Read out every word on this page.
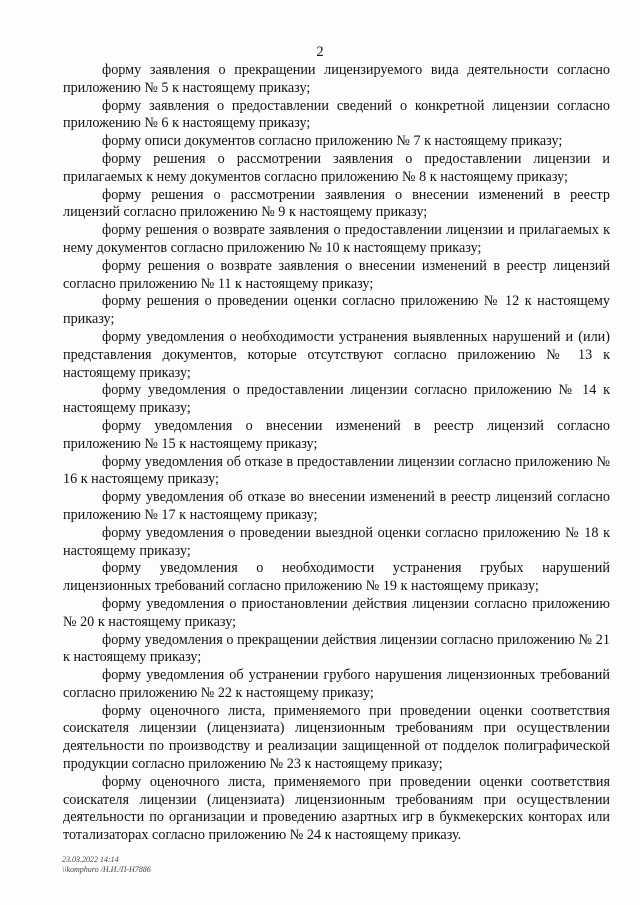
2

форму заявления о прекращении лицензируемого вида деятельности согласно приложению № 5 к настоящему приказу;

форму заявления о предоставлении сведений о конкретной лицензии согласно приложению № 6 к настоящему приказу;

форму описи документов согласно приложению № 7 к настоящему приказу;

форму решения о рассмотрении заявления о предоставлении лицензии и прилагаемых к нему документов согласно приложению № 8 к настоящему приказу;

форму решения о рассмотрении заявления о внесении изменений в реестр лицензий согласно приложению № 9 к настоящему приказу;

форму решения о возврате заявления о предоставлении лицензии и прилагаемых к нему документов согласно приложению № 10 к настоящему приказу;

форму решения о возврате заявления о внесении изменений в реестр лицензий согласно приложению № 11 к настоящему приказу;

форму решения о проведении оценки согласно приложению № 12 к настоящему приказу;

форму уведомления о необходимости устранения выявленных нарушений и (или) представления документов, которые отсутствуют согласно приложению № 13 к настоящему приказу;

форму уведомления о предоставлении лицензии согласно приложению № 14 к настоящему приказу;

форму уведомления о внесении изменений в реестр лицензий согласно приложению № 15 к настоящему приказу;

форму уведомления об отказе в предоставлении лицензии согласно приложению № 16 к настоящему приказу;

форму уведомления об отказе во внесении изменений в реестр лицензий согласно приложению № 17 к настоящему приказу;

форму уведомления о проведении выездной оценки согласно приложению № 18 к настоящему приказу;

форму уведомления о необходимости устранения грубых нарушений лицензионных требований согласно приложению № 19 к настоящему приказу;

форму уведомления о приостановлении действия лицензии согласно приложению № 20 к настоящему приказу;

форму уведомления о прекращении действия лицензии согласно приложению № 21 к настоящему приказу;

форму уведомления об устранении грубого нарушения лицензионных требований согласно приложению № 22 к настоящему приказу;

форму оценочного листа, применяемого при проведении оценки соответствия соискателя лицензии (лицензиата) лицензионным требованиям при осуществлении деятельности по производству и реализации защищенной от подделок полиграфической продукции согласно приложению № 23 к настоящему приказу;

форму оценочного листа, применяемого при проведении оценки соответствия соискателя лицензии (лицензиата) лицензионным требованиям при осуществлении деятельности по организации и проведению азартных игр в букмекерских конторах или тотализаторах согласно приложению № 24 к настоящему приказу.

23.03.2022 14:14
\\komphuro /Н.И./П-Н7886
